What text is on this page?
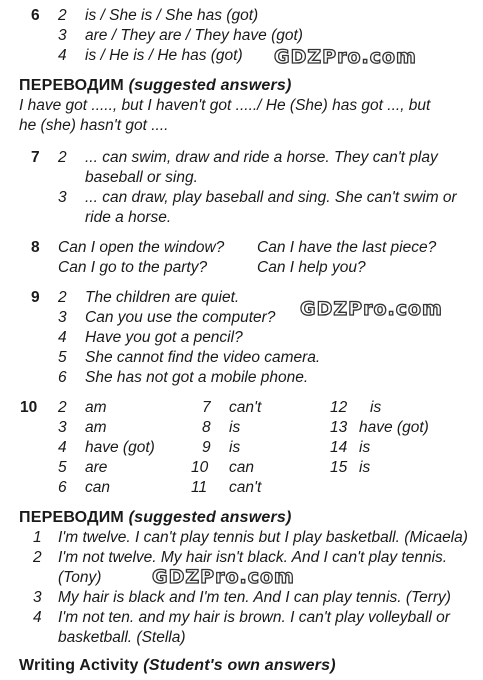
6 2 is / She is / She has (got)
3 are / They are / They have (got)
4 is / He is / He has (got) GDZPro.com
ПЕРЕВОДИМ (suggested answers)
I have got ....., but I haven't got ...../ He (She) has got ..., but
he (she) hasn't got ....
7 2 ... can swim, draw and ride a horse. They can't play
baseball or sing.
3 ... can draw, play baseball and sing. She can't swim or
ride a horse.
8 Can I open the window? Can I have the last piece?
Can I go to the party?	Can I help you?
9 2 The children are quiet.
3 Can you use the computer? GDZPro.com
4 Have you got a pencil?
5 She cannot find the video camera.
6 She has not got a mobile phone.
10 2 am
3 am
4 have (got)
5 are
6 can
7 can't
8 is
9 is
10 can
11 can't
12 is
13 have (got)
14 is
15 is
ПЕРЕВОДИМ (suggested answers)
1 I'm twelve. I can't play tennis but I play basketball. (Micaela)
2 I'm not twelve. My hair isn't black. And I can't play tennis.
(Tony)	GDZPro.com
3 My hair is black and I'm ten. And I can play tennis. (Terry)
4 I'm not ten. and my hair is brown. I can't play volleyball or
basketball. (Stella)
Writing Activity (Student's own answers)
